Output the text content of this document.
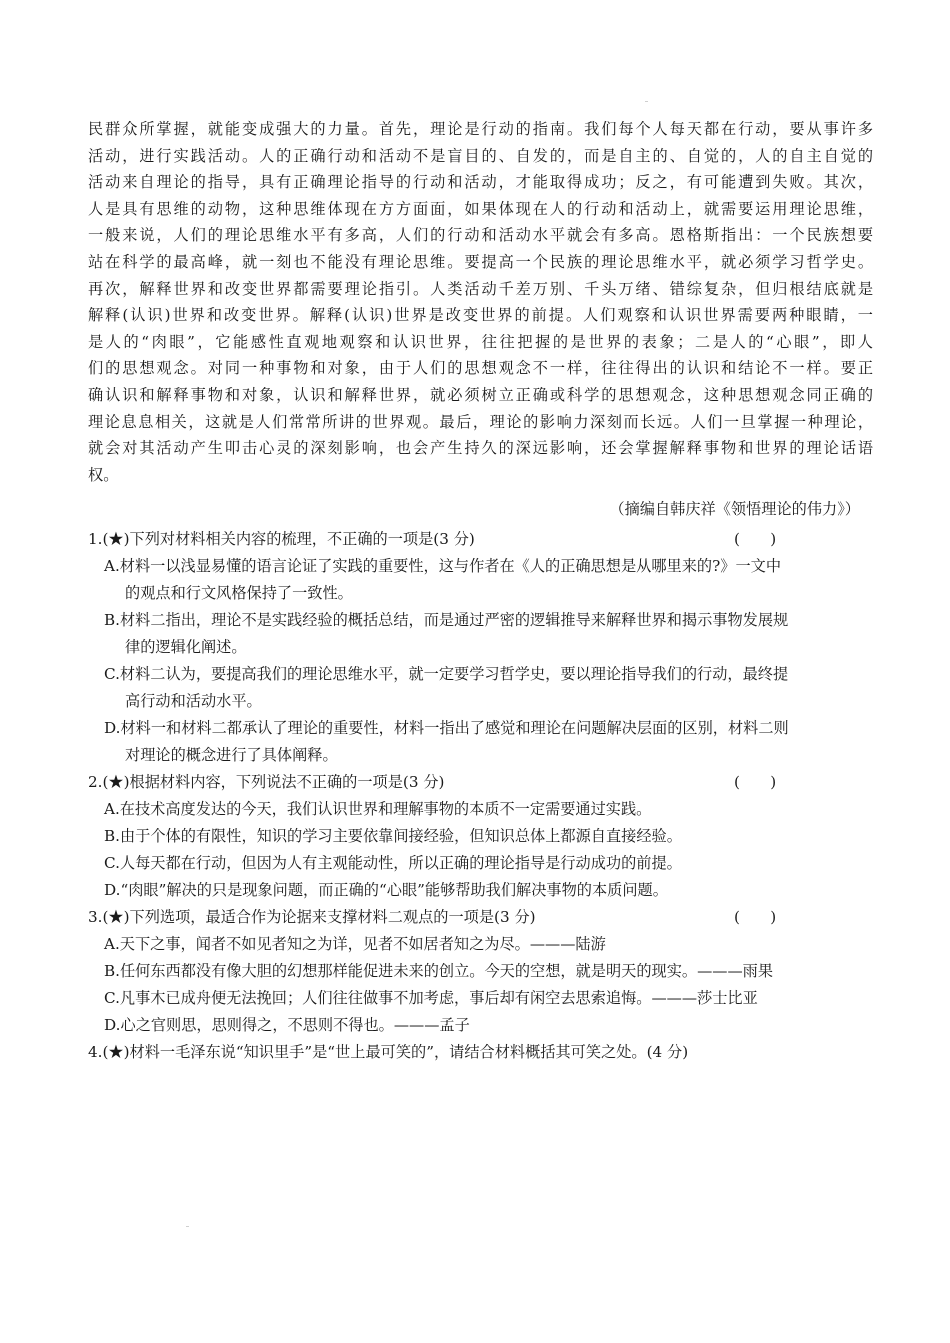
民群众所掌握，就能变成强大的力量。首先，理论是行动的指南。我们每个人每天都在行动，要从事许多
活动，进行实践活动。人的正确行动和活动不是盲目的、自发的，而是自主的、自觉的，人的自主自觉的
活动来自理论的指导，具有正确理论指导的行动和活动，才能取得成功；反之，有可能遭到失败。其次，
人是具有思维的动物，这种思维体现在方方面面，如果体现在人的行动和活动上，就需要运用理论思维，
一般来说，人们的理论思维水平有多高，人们的行动和活动水平就会有多高。恩格斯指出：一个民族想要
站在科学的最高峰，就一刻也不能没有理论思维。要提高一个民族的理论思维水平，就必须学习哲学史。
再次，解释世界和改变世界都需要理论指引。人类活动千差万别、千头万绪、错综复杂，但归根结底就是
解释(认识)世界和改变世界。解释(认识)世界是改变世界的前提。人们观察和认识世界需要两种眼睛，一
是人的“肉眼”，它能感性直观地观察和认识世界，往往把握的是世界的表象；二是人的“心眼”，即人
们的思想观念。对同一种事物和对象，由于人们的思想观念不一样，往往得出的认识和结论不一样。要正
确认识和解释事物和对象，认识和解释世界，就必须树立正确或科学的思想观念，这种思想观念同正确的
理论息息相关，这就是人们常常所讲的世界观。最后，理论的影响力深刻而长远。人们一旦掌握一种理论，
就会对其活动产生叩击心灵的深刻影响，也会产生持久的深远影响，还会掌握解释事物和世界的理论话语
权。
（摘编自韩庆祥《领悟理论的伟力》）
1.(★)下列对材料相关内容的梳理，不正确的一项是(3 分)	(　　)
A.材料一以浅显易懂的语言论证了实践的重要性，这与作者在《人的正确思想是从哪里来的?》一文中
的观点和行文风格保持了一致性。
B.材料二指出，理论不是实践经验的概括总结，而是通过严密的逻辑推导来解释世界和揭示事物发展规
律的逻辑化阐述。
C.材料二认为，要提高我们的理论思维水平，就一定要学习哲学史，要以理论指导我们的行动，最终提
高行动和活动水平。
D.材料一和材料二都承认了理论的重要性，材料一指出了感觉和理论在问题解决层面的区别，材料二则
对理论的概念进行了具体阐释。
2.(★)根据材料内容，下列说法不正确的一项是(3 分)	(　　)
A.在技术高度发达的今天，我们认识世界和理解事物的本质不一定需要通过实践。
B.由于个体的有限性，知识的学习主要依靠间接经验，但知识总体上都源自直接经验。
C.人每天都在行动，但因为人有主观能动性，所以正确的理论指导是行动成功的前提。
D.“肉眼”解决的只是现象问题，而正确的“心眼”能够帮助我们解决事物的本质问题。
3.(★)下列选项，最适合作为论据来支撑材料二观点的一项是(3 分)	(　　)
A.天下之事，闻者不如见者知之为详，见者不如居者知之为尽。———陆游
B.任何东西都没有像大胆的幻想那样能促进未来的创立。今天的空想，就是明天的现实。———雨果
C.凡事木已成舟便无法挽回；人们往往做事不加考虑，事后却有闲空去思索追悔。———莎士比亚
D.心之官则思，思则得之，不思则不得也。———孟子
4.(★)材料一毛泽东说“知识里手”是“世上最可笑的”，请结合材料概括其可笑之处。(4 分)
